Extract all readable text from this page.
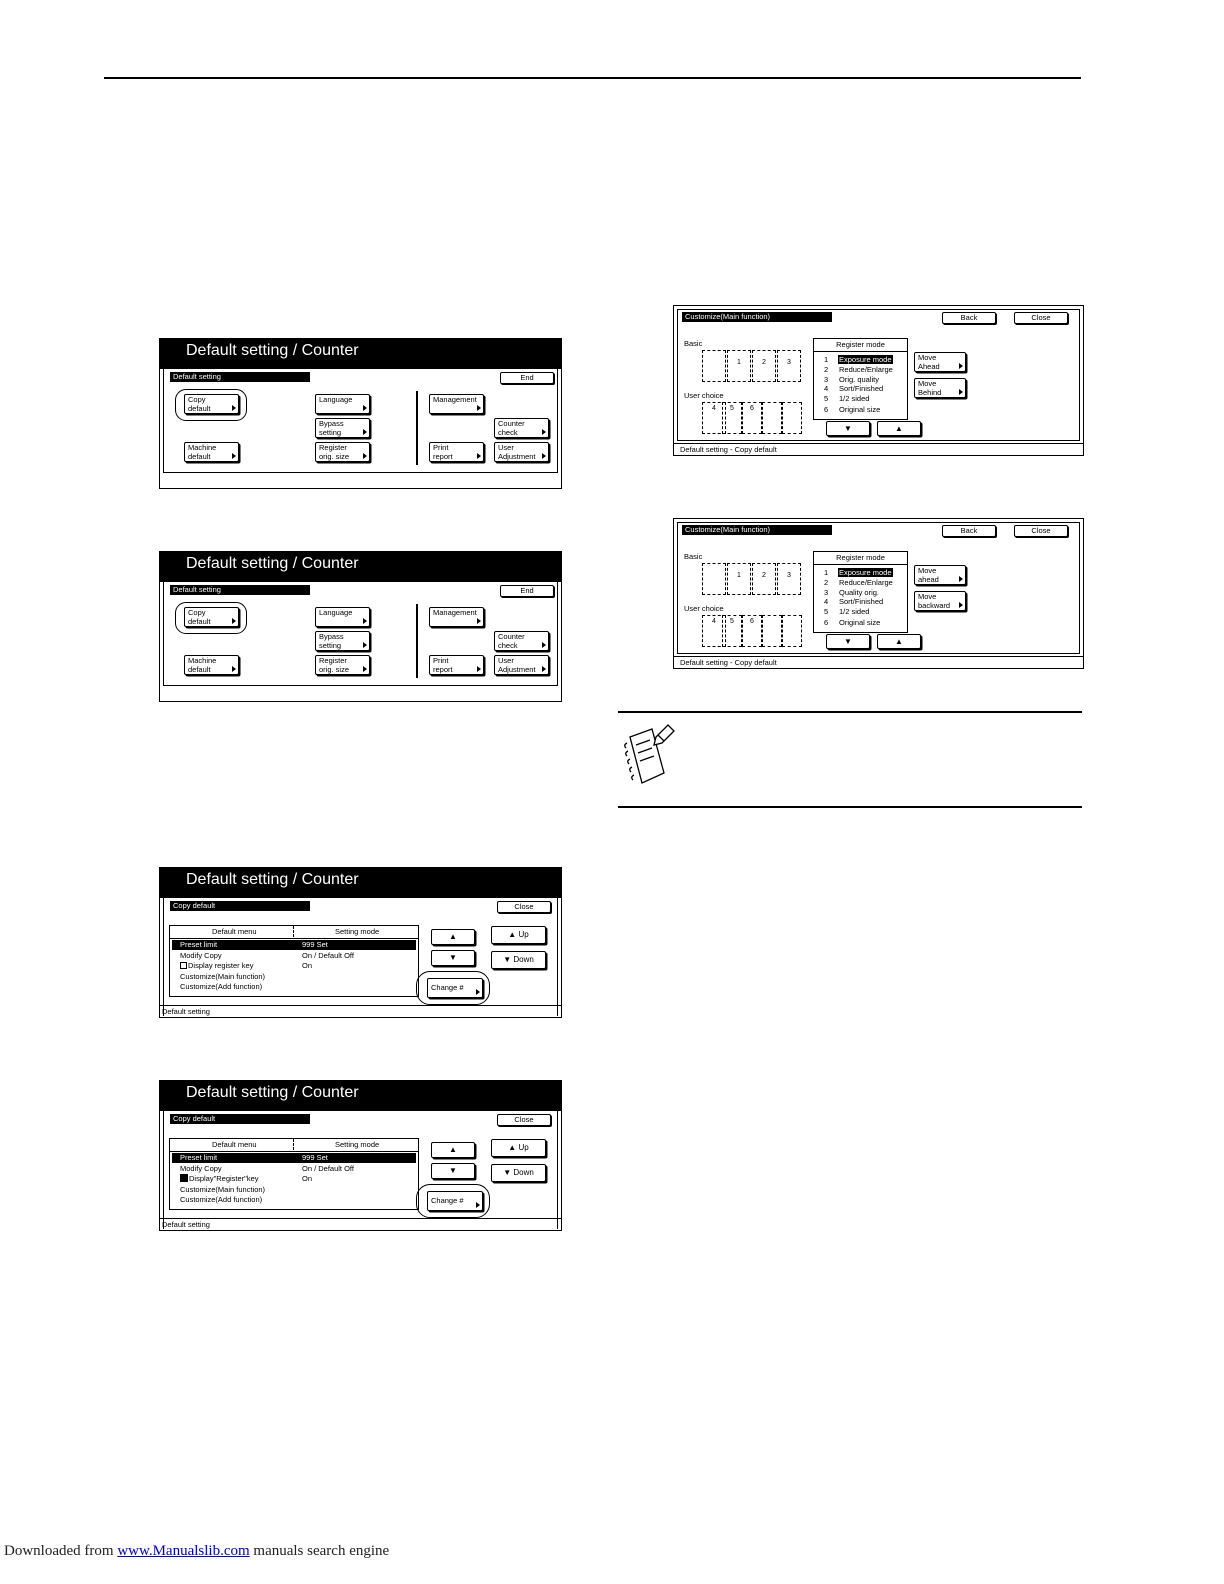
Default setting / Counter
Default setting	End
Copy
default
Machine
default
Language
Bypass
setting
Register
orig. size
Management
Counter
check
Print
report
User
Adjustment
Default setting / Counter
Default setting	End
Copy
default
Machine
default
Language
Bypass
setting
Register
orig. size
Management
Counter
check
Print
report
User
Adjustment
Default setting / Counter
Copy default	Close
Default menu	Setting mode
Preset limit	999 Set
Modify Copy	On / Default Off
Display register key	On
Customize(Main function)
Customize(Add function)
▲
▼
▲ Up
▼ Down
Change #
Default setting
Default setting / Counter
Copy default	Close
Default menu	Setting mode
Preset limit	999 Set
Modify Copy	On / Default Off
Display"Register"key	On
Customize(Main function)
Customize(Add function)
▲
▼
▲ Up
▼ Down
Change #
Default setting
Customize(Main function)	Back	Close
Basic
1	2	3
User choice
4	5	6
Register mode
1 Exposure mode
2 Reduce/Enlarge
3 Orig. quality
4 Sort/Finished
5 1/2 sided
6 Original size
Move
Ahead
Move
Behind
▼	▲
Default setting - Copy default
Customize(Main function)	Back	Close
Basic
1	2	3
User choice
4	5	6
Register mode
1 Exposure mode
2 Reduce/Enlarge
3 Quality orig.
4 Sort/Finished
5 1/2 sided
6 Original size
Move
ahead
Move
backward
▼	▲
Default setting - Copy default
Downloaded from www.Manualslib.com manuals search engine
